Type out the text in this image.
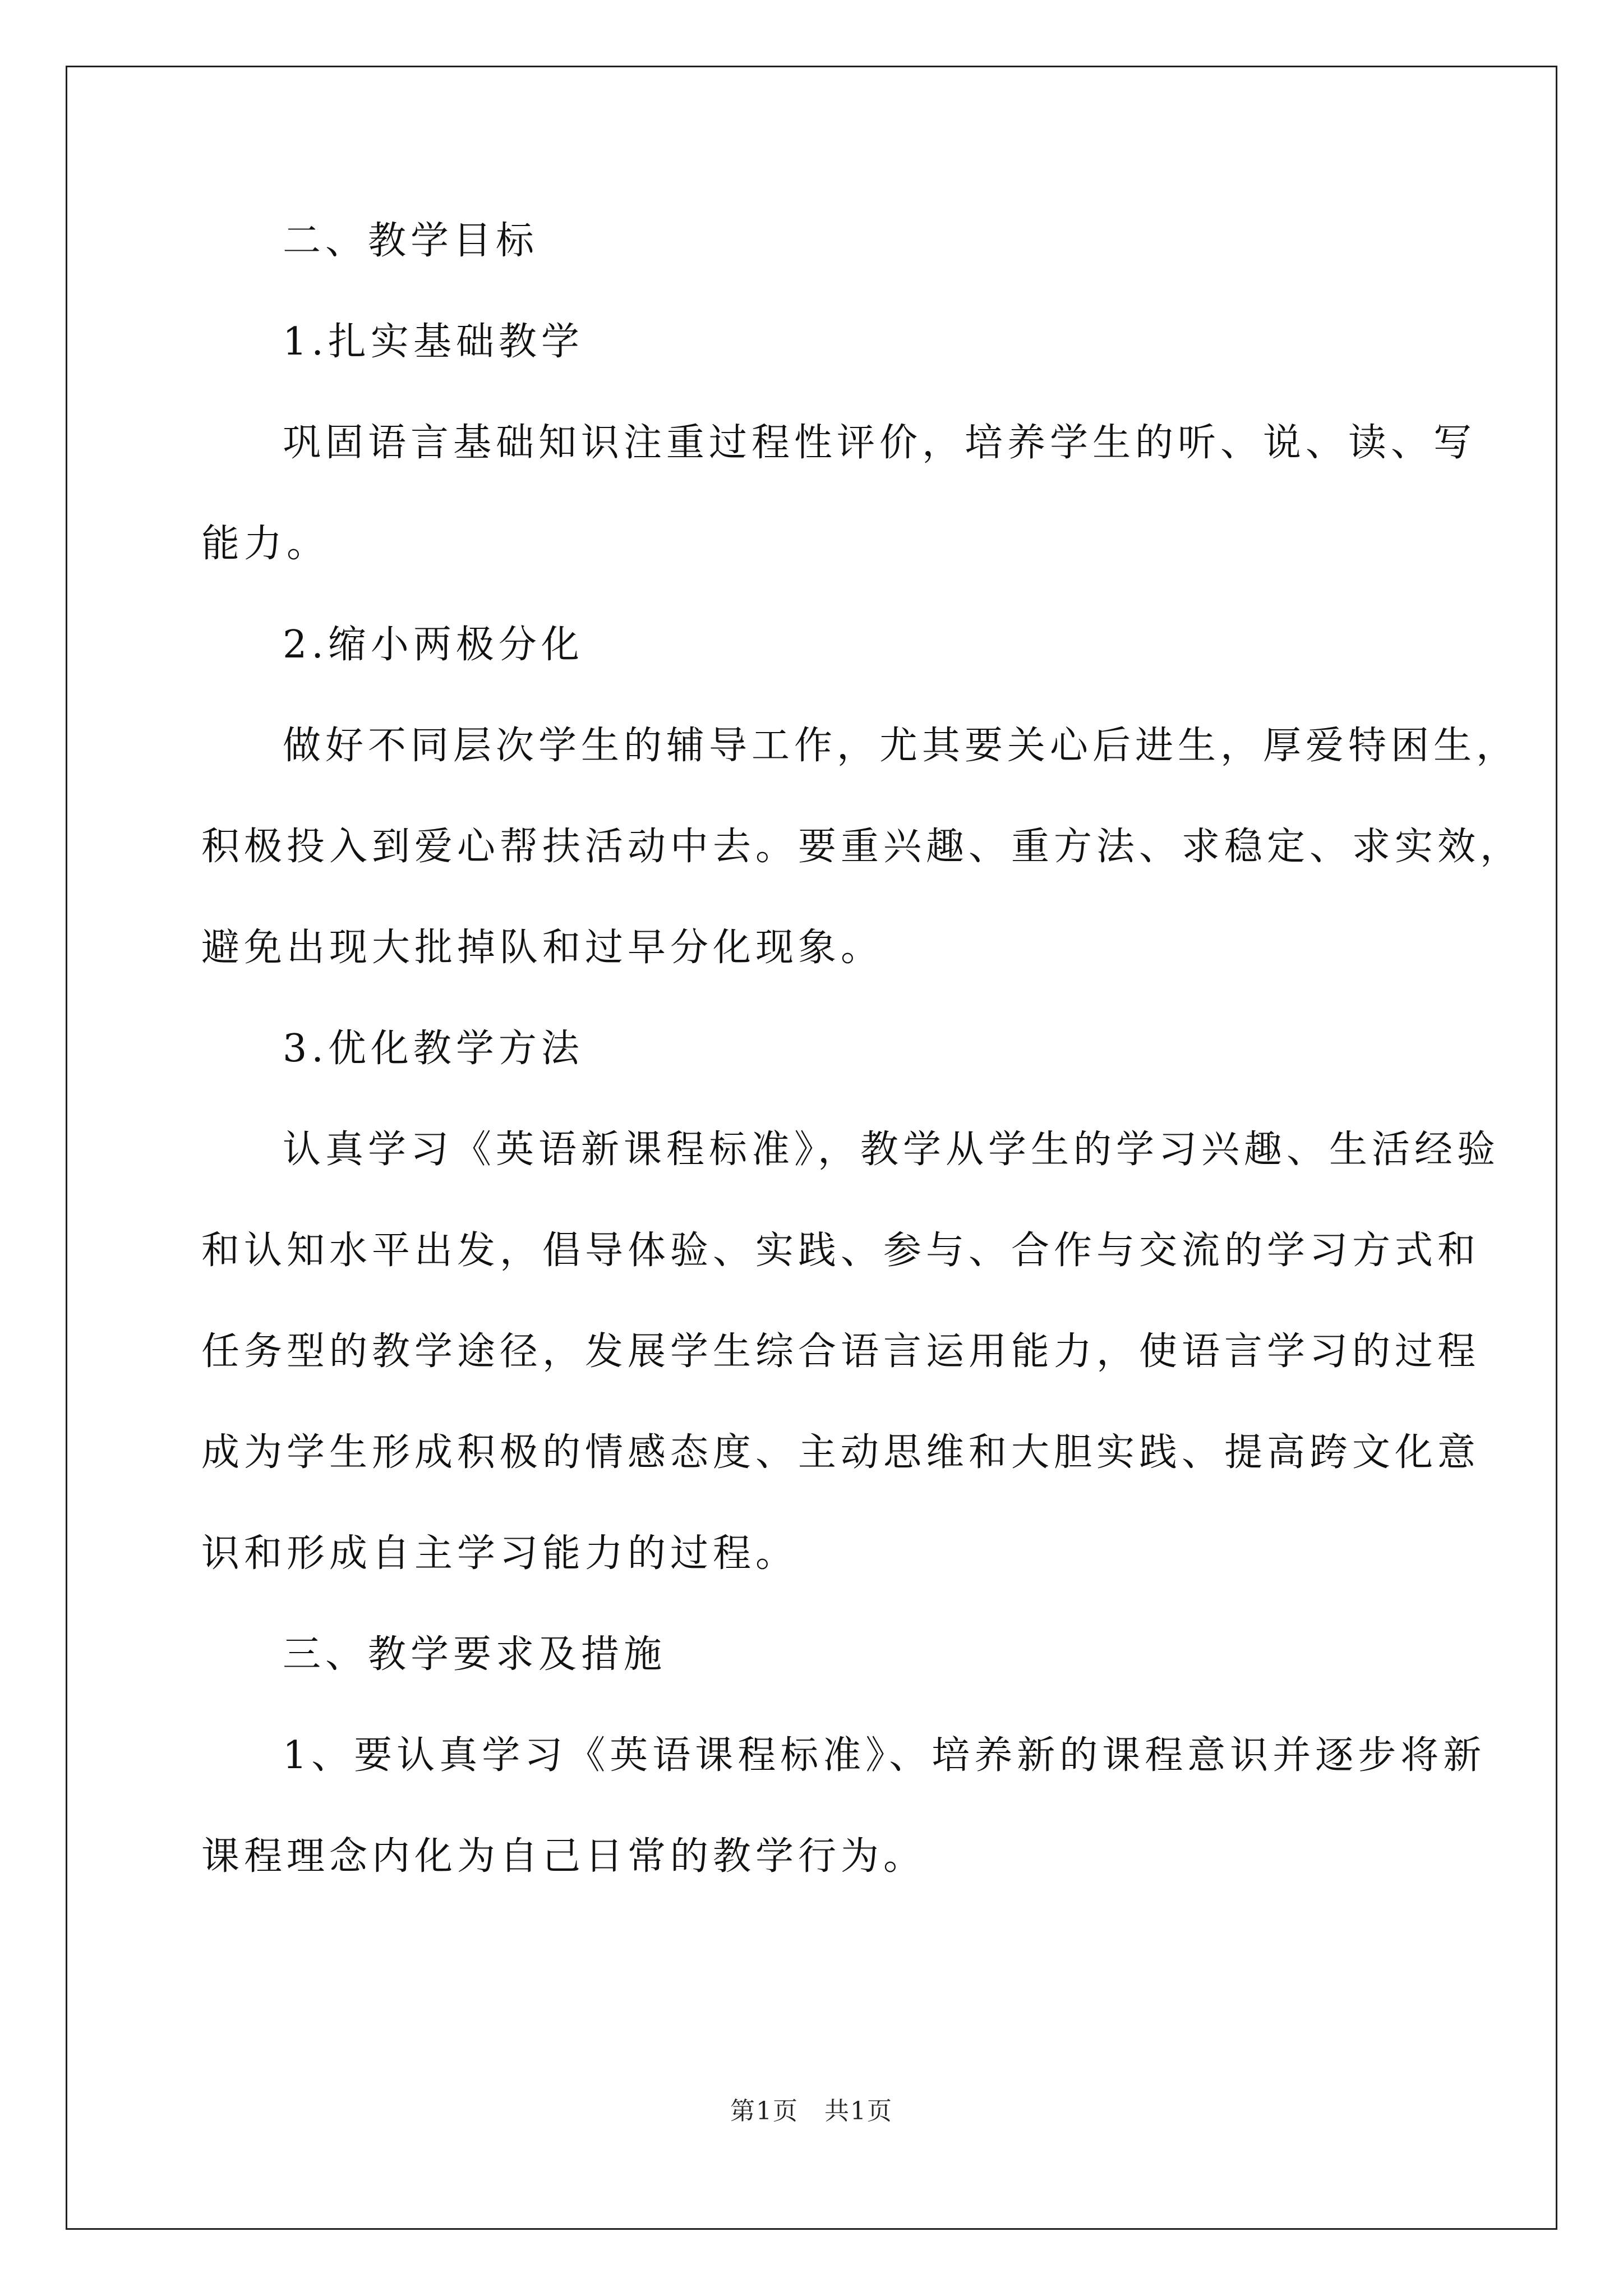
二、教学目标
1.扎实基础教学
巩固语言基础知识注重过程性评价，培养学生的听、说、读、写
能力。
2.缩小两极分化
做好不同层次学生的辅导工作，尤其要关心后进生，厚爱特困生，
积极投入到爱心帮扶活动中去。要重兴趣、重方法、求稳定、求实效，
避免出现大批掉队和过早分化现象。
3.优化教学方法
认真学习《英语新课程标准》，教学从学生的学习兴趣、生活经验
和认知水平出发，倡导体验、实践、参与、合作与交流的学习方式和
任务型的教学途径，发展学生综合语言运用能力，使语言学习的过程
成为学生形成积极的情感态度、主动思维和大胆实践、提高跨文化意
识和形成自主学习能力的过程。
三、教学要求及措施
1、要认真学习《英语课程标准》、培养新的课程意识并逐步将新
课程理念内化为自己日常的教学行为。
第1页　共1页
